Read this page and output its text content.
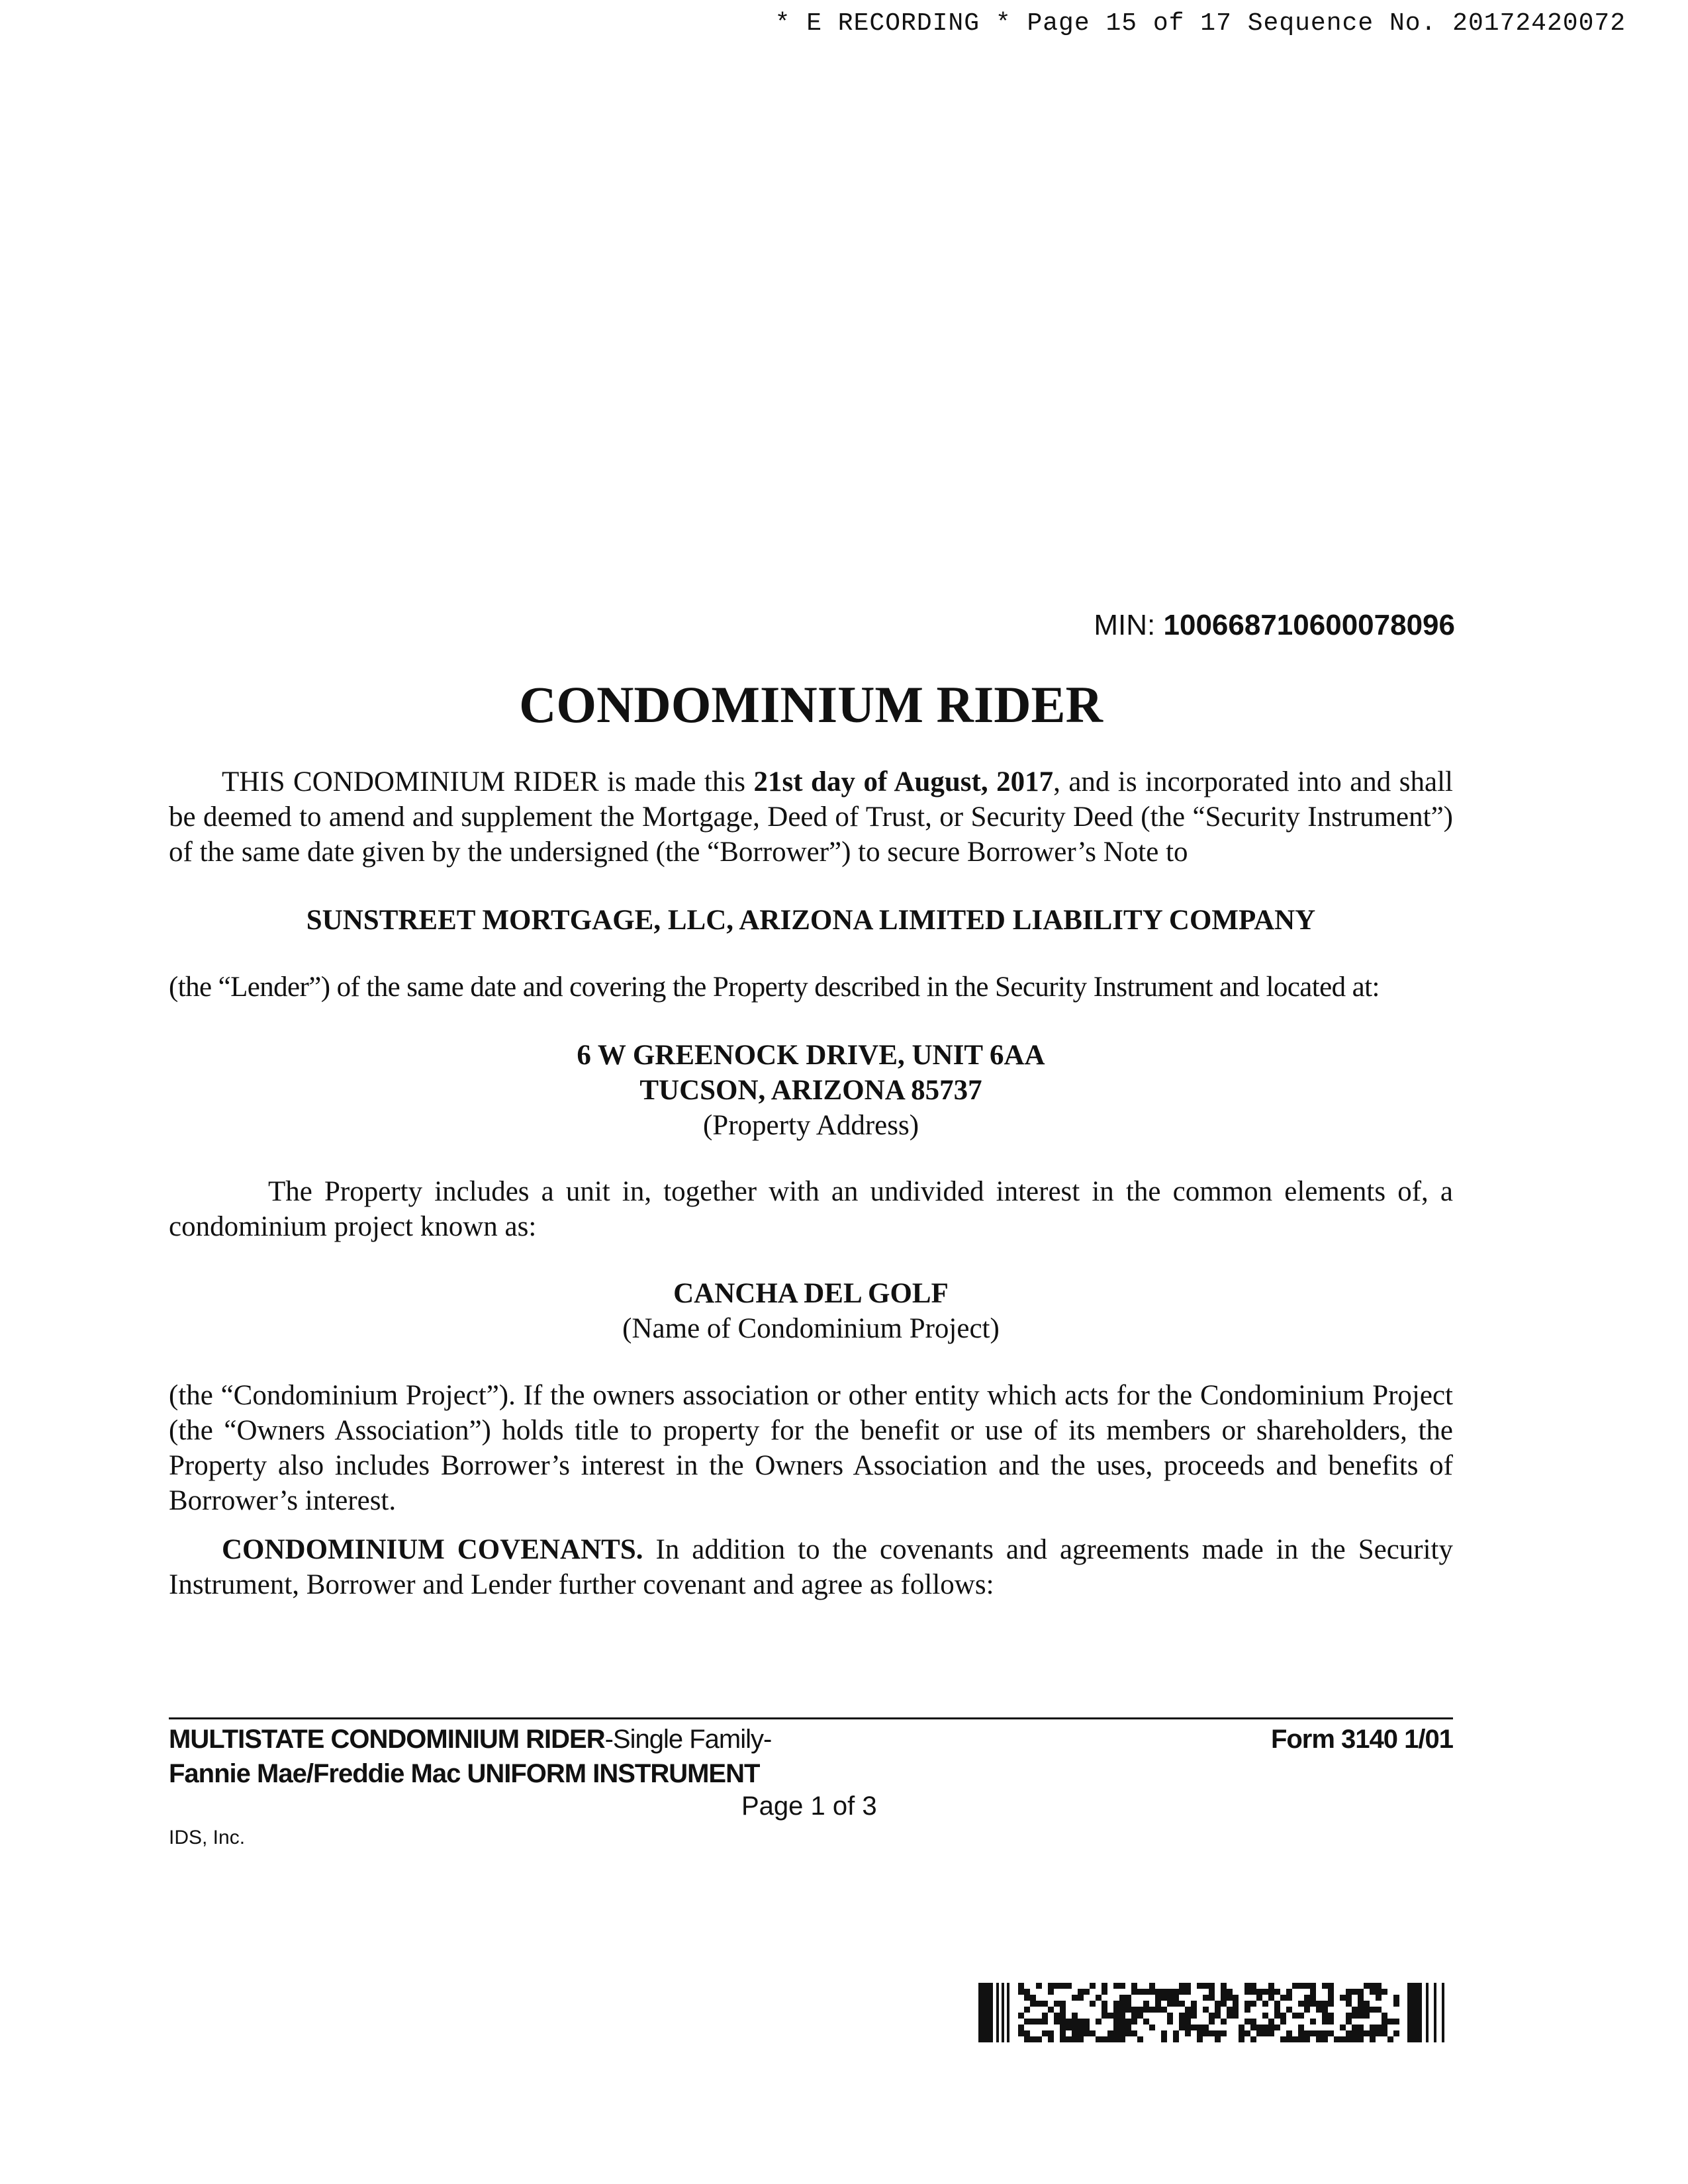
* E RECORDING * Page 15 of 17 Sequence No. 20172420072
MIN: 100668710600078096
CONDOMINIUM RIDER

THIS CONDOMINIUM RIDER is made this 21st day of August, 2017, and is incorporated into and shall be deemed to amend and supplement the Mortgage, Deed of Trust, or Security Deed (the “Security Instrument”) of the same date given by the undersigned (the “Borrower”) to secure Borrower’s Note to

SUNSTREET MORTGAGE, LLC, ARIZONA LIMITED LIABILITY COMPANY

(the “Lender”) of the same date and covering the Property described in the Security Instrument and located at:

6 W GREENOCK DRIVE, UNIT 6AA
TUCSON, ARIZONA 85737
(Property Address)

The Property includes a unit in, together with an undivided interest in the common elements of, a condominium project known as:

CANCHA DEL GOLF
(Name of Condominium Project)

(the “Condominium Project”). If the owners association or other entity which acts for the Condominium Project (the “Owners Association”) holds title to property for the benefit or use of its members or shareholders, the Property also includes Borrower’s interest in the Owners Association and the uses, proceeds and benefits of Borrower’s interest.

CONDOMINIUM COVENANTS. In addition to the covenants and agreements made in the Security Instrument, Borrower and Lender further covenant and agree as follows:

MULTISTATE CONDOMINIUM RIDER-Single Family-	Form 3140 1/01
Fannie Mae/Freddie Mac UNIFORM INSTRUMENT
Page 1 of 3
IDS, Inc.
